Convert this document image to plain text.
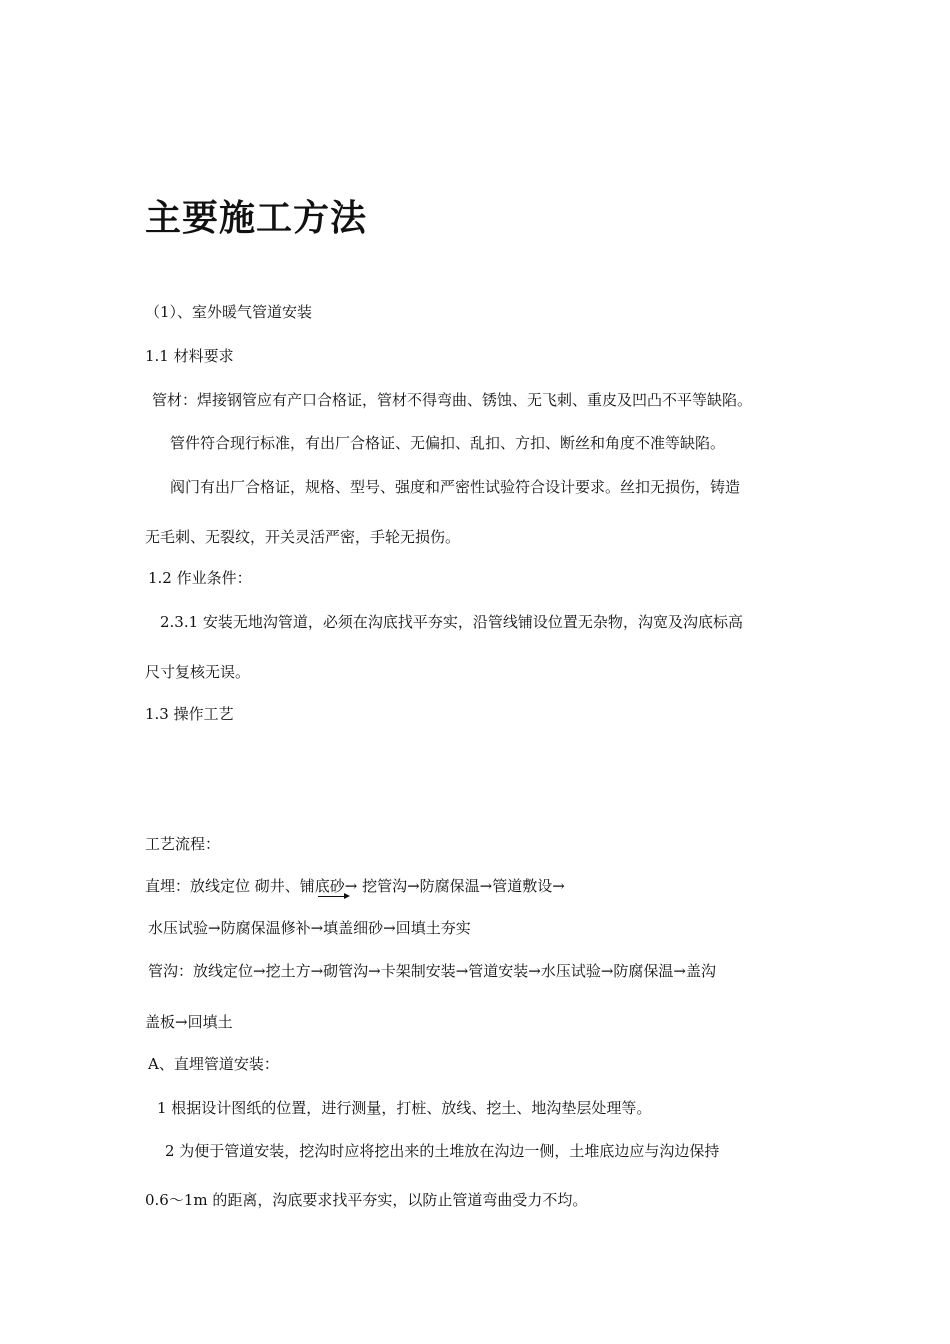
主要施工方法
（1）、室外暖气管道安装
1.1 材料要求
管材：焊接钢管应有产口合格证，管材不得弯曲、锈蚀、无飞刺、重皮及凹凸不平等缺陷。
管件符合现行标准，有出厂合格证、无偏扣、乱扣、方扣、断丝和角度不准等缺陷。
阀门有出厂合格证，规格、型号、强度和严密性试验符合设计要求。丝扣无损伤，铸造
无毛刺、无裂纹，开关灵活严密，手轮无损伤。
1.2 作业条件：
2.3.1 安装无地沟管道，必须在沟底找平夯实，沿管线铺设位置无杂物，沟宽及沟底标高
尺寸复核无误。
1.3 操作工艺
工艺流程：
直埋：放线定位 砌井、铺底砂→ 挖管沟→防腐保温→管道敷设→
水压试验→防腐保温修补→填盖细砂→回填土夯实
管沟：放线定位→挖土方→砌管沟→卡架制安装→管道安装→水压试验→防腐保温→盖沟
盖板→回填土
A、直埋管道安装：
1 根据设计图纸的位置，进行测量，打桩、放线、挖土、地沟垫层处理等。
2 为便于管道安装，挖沟时应将挖出来的土堆放在沟边一侧，土堆底边应与沟边保持
0.6～1m 的距离，沟底要求找平夯实，以防止管道弯曲受力不均。
